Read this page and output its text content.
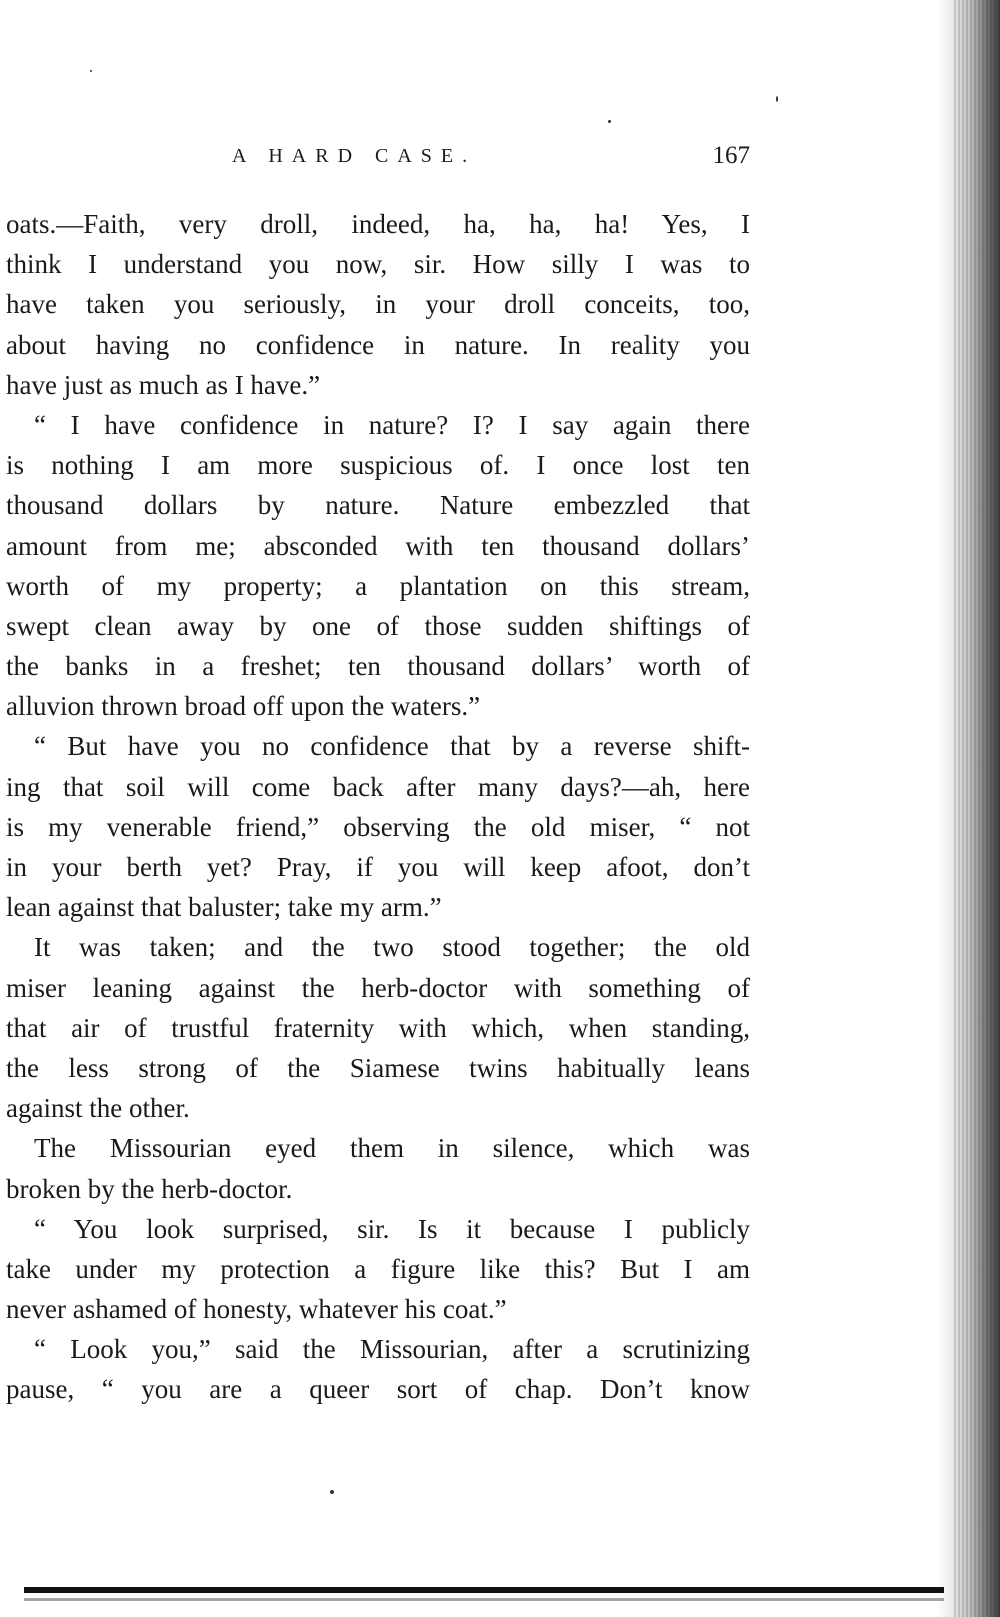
A HARD CASE.	167
oats.—Faith, very droll, indeed, ha, ha, ha! Yes, I
think I understand you now, sir. How silly I was to
have taken you seriously, in your droll conceits, too,
about having no confidence in nature. In reality you
have just as much as I have.”
“ I have confidence in nature? I? I say again there
is nothing I am more suspicious of. I once lost ten
thousand dollars by nature. Nature embezzled that
amount from me; absconded with ten thousand dollars’
worth of my property; a plantation on this stream,
swept clean away by one of those sudden shiftings of
the banks in a freshet; ten thousand dollars’ worth of
alluvion thrown broad off upon the waters.”
“ But have you no confidence that by a reverse shift-
ing that soil will come back after many days?—ah, here
is my venerable friend,” observing the old miser, “ not
in your berth yet? Pray, if you will keep afoot, don’t
lean against that baluster; take my arm.”
It was taken; and the two stood together; the old
miser leaning against the herb-doctor with something of
that air of trustful fraternity with which, when standing,
the less strong of the Siamese twins habitually leans
against the other.
The Missourian eyed them in silence, which was
broken by the herb-doctor.
“ You look surprised, sir. Is it because I publicly
take under my protection a figure like this? But I am
never ashamed of honesty, whatever his coat.”
“ Look you,” said the Missourian, after a scrutinizing
pause, “ you are a queer sort of chap. Don’t know
